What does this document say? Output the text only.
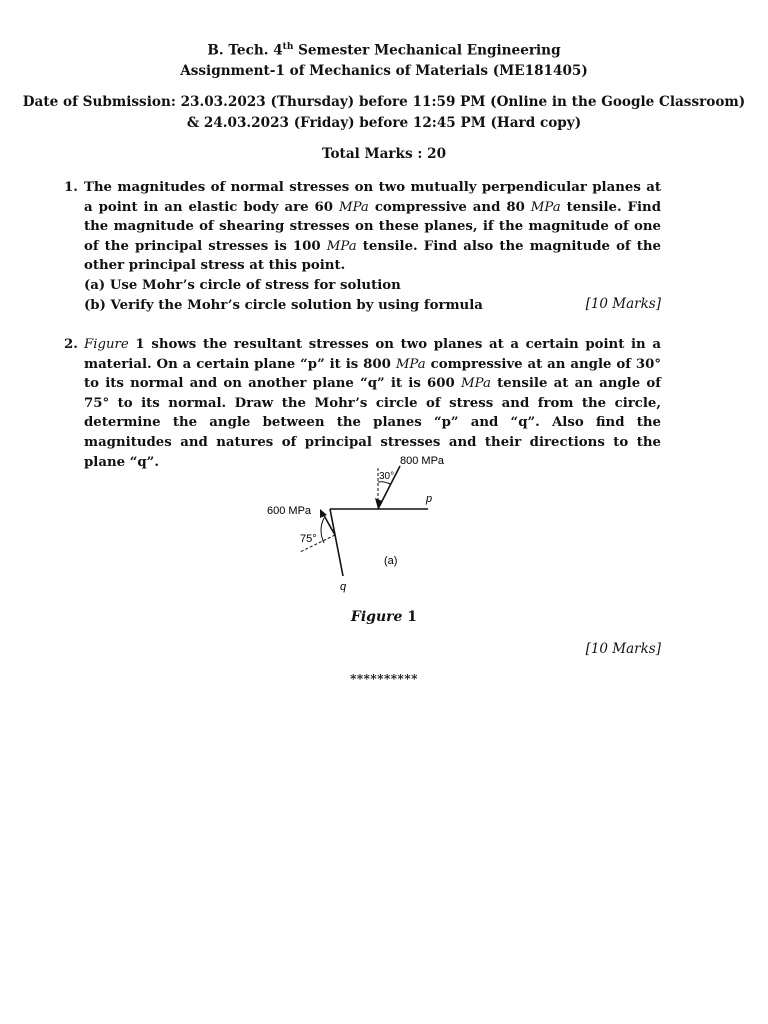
B. Tech. 4th Semester Mechanical Engineering
Assignment-1 of Mechanics of Materials (ME181405)
Date of Submission: 23.03.2023 (Thursday) before 11:59 PM (Online in the Google Classroom)
& 24.03.2023 (Friday) before 12:45 PM (Hard copy)
Total Marks : 20
1. The magnitudes of normal stresses on two mutually perpendicular planes at a point in an elastic body are 60 MPa compressive and 80 MPa tensile. Find the magnitude of shearing stresses on these planes, if the magnitude of one of the principal stresses is 100 MPa tensile. Find also the magnitude of the other principal stress at this point.
(a) Use Mohr’s circle of stress for solution
(b) Verify the Mohr’s circle solution by using formula	[10 Marks]
2. Figure 1 shows the resultant stresses on two planes at a certain point in a material. On a certain plane “p” it is 800 MPa compressive at an angle of 30° to its normal and on another plane “q” it is 600 MPa tensile at an angle of 75° to its normal. Draw the Mohr’s circle of stress and from the circle, determine the angle between the planes “p” and “q”. Also find the magnitudes and natures of principal stresses and their directions to the plane “q”.	800 MPa
30°
p
600 MPa
75°
(a)
q
Figure 1
[10 Marks]
**********
